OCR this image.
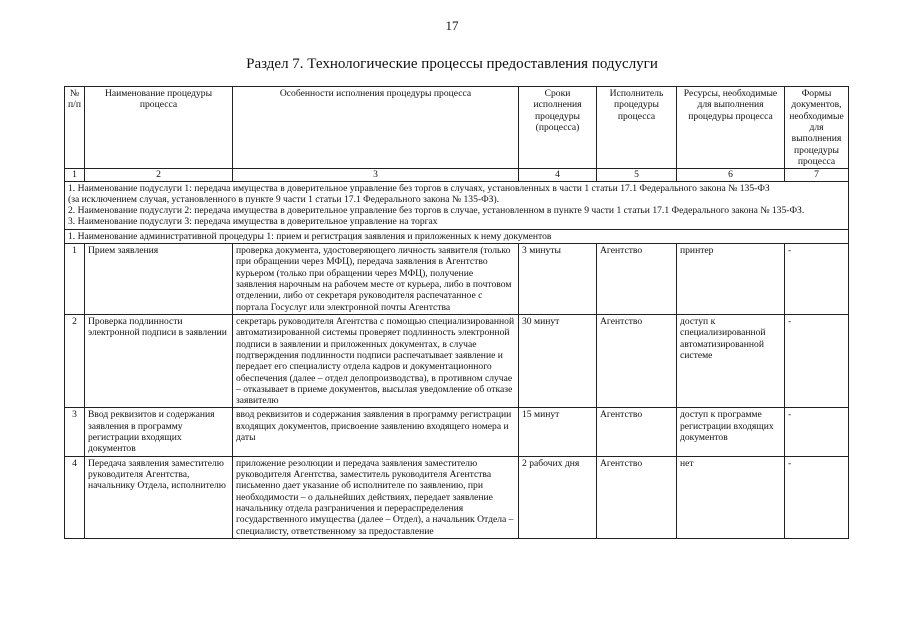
17
Раздел 7. Технологические процессы предоставления подуслуги
№ п/п	Наименование процедуры процесса	Особенности исполнения процедуры процесса	Сроки исполнения процедуры (процесса)	Исполнитель процедуры процесса	Ресурсы, необходимые для выполнения процедуры процесса	Формы документов, необходимые для выполнения процедуры процесса
1	2	3	4	5	6	7

1. Наименование подуслуги 1: передача имущества в доверительное управление без торгов в случаях, установленных в части 1 статьи 17.1 Федерального закона № 135-ФЗ
(за исключением случая, установленного в пункте 9 части 1 статьи 17.1 Федерального закона № 135-ФЗ).
2. Наименование подуслуги 2: передача имущества в доверительное управление без торгов в случае, установленном в пункте 9 части 1 статьи 17.1 Федерального закона № 135-ФЗ.
3. Наименование подуслуги 3: передача имущества в доверительное управление на торгах						

1. Наименование административной процедуры 1: прием и регистрация заявления и приложенных к нему документов						
1	Прием заявления	проверка документа, удостоверяющего личность заявителя (только при обращении через МФЦ), передача заявления в Агентство курьером (только при обращении через МФЦ), получение заявления нарочным на рабочем месте от курьера, либо в почтовом отделении, либо от секретаря руководителя распечатанное с портала Госуслуг или электронной почты Агентства	3 минуты	Агентство	принтер	-
2	Проверка подлинности электронной подписи в заявлении	секретарь руководителя Агентства с помощью специализированной автоматизированной системы проверяет подлинность электронной подписи в заявлении и приложенных документах, в случае подтверждения подлинности подписи распечатывает заявление и передает его специалисту отдела кадров и документационного обеспечения (далее – отдел делопроизводства), в противном случае – отказывает в приеме документов, высылая уведомление об отказе заявителю	30 минут	Агентство	доступ к специализированной автоматизированной системе	-
3	Ввод реквизитов и содержания заявления в программу регистрации входящих документов	ввод реквизитов и содержания заявления в программу регистрации входящих документов, присвоение заявлению входящего номера и даты	15 минут	Агентство	доступ к программе регистрации входящих документов	-
4	Передача заявления заместителю руководителя Агентства, начальнику Отдела, исполнителю	приложение резолюции и передача заявления заместителю руководителя Агентства, заместитель руководителя Агентства письменно дает указание об исполнителе по заявлению, при необходимости – о дальнейших действиях, передает заявление начальнику отдела разграничения и перераспределения государственного имущества (далее – Отдел), а начальник Отдела – специалисту, ответственному за предоставление	2 рабочих дня	Агентство	нет	-
